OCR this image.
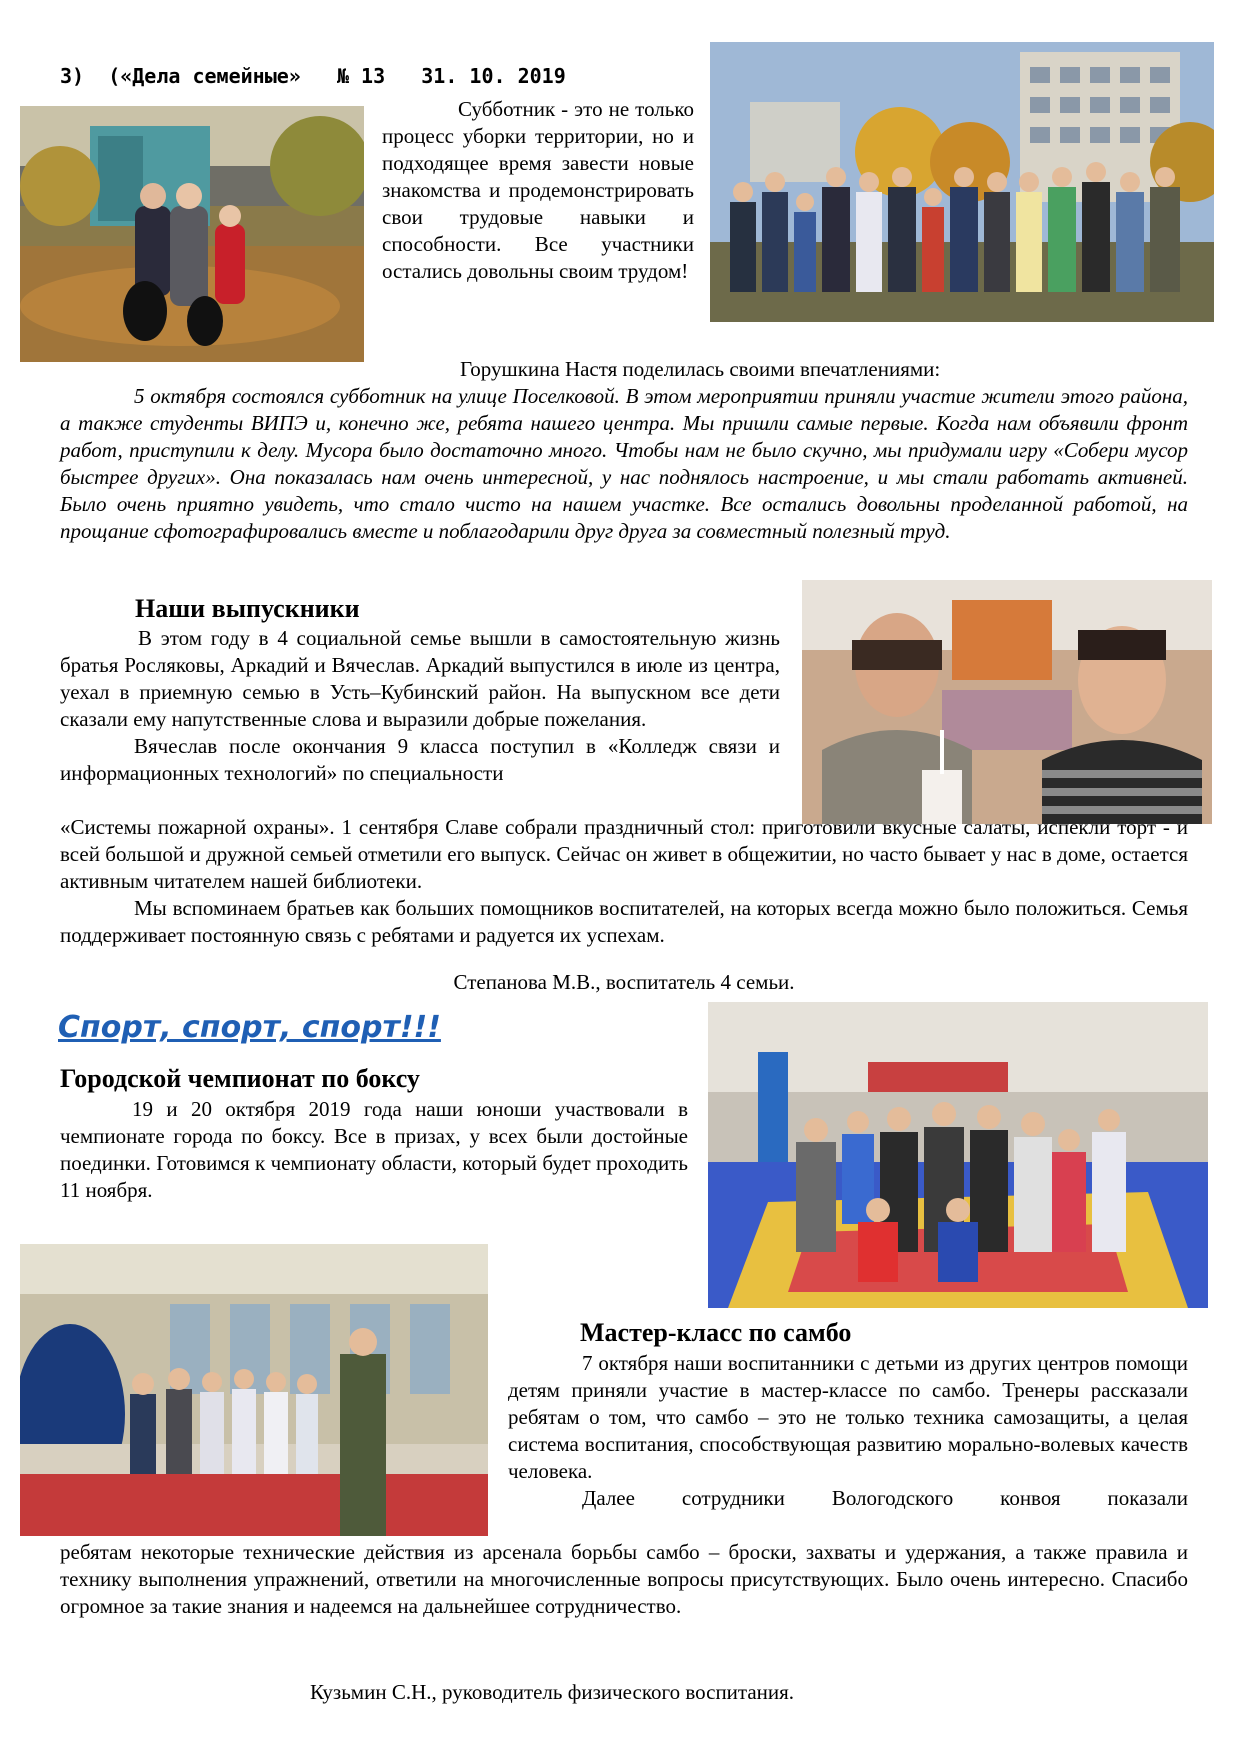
3) («Дела семейные» № 13 31. 10. 2019

Субботник - это не только процесс уборки территории, но и подходящее время завести новые знакомства и продемонстрировать свои трудовые навыки и способности. Все участники остались довольны своим трудом!

Горушкина Настя поделилась своими впечатлениями:

5 октября состоялся субботник на улице Поселковой. В этом мероприятии приняли участие жители этого района, а также студенты ВИПЭ и, конечно же, ребята нашего центра. Мы пришли самые первые. Когда нам объявили фронт работ, приступили к делу. Мусора было достаточно много. Чтобы нам не было скучно, мы придумали игру «Собери мусор быстрее других». Она показалась нам очень интересной, у нас поднялось настроение, и мы стали работать активней. Было очень приятно увидеть, что стало чисто на нашем участке. Все остались довольны проделанной работой, на прощание сфотографировались вместе и поблагодарили друг друга за совместный полезный труд.

Наши выпускники

В этом году в 4 социальной семье вышли в самостоятельную жизнь братья Росляковы, Аркадий и Вячеслав. Аркадий выпустился в июле из центра, уехал в приемную семью в Усть–Кубинский район. На выпускном все дети сказали ему напутственные слова и выразили добрые пожелания.

Вячеслав после окончания 9 класса поступил в «Колледж связи и информационных технологий» по специальности

«Системы пожарной охраны». 1 сентября Славе собрали праздничный стол: приготовили вкусные салаты, испекли торт - и всей большой и дружной семьей отметили его выпуск. Сейчас он живет в общежитии, но часто бывает у нас в доме, остается активным читателем нашей библиотеки.

Мы вспоминаем братьев как больших помощников воспитателей, на которых всегда можно было положиться. Семья поддерживает постоянную связь с ребятами и радуется их успехам.

Степанова М.В., воспитатель 4 семьи.
Спорт, спорт, спорт!!!
Городской чемпионат по боксу

19 и 20 октября 2019 года наши юноши участвовали в чемпионате города по боксу. Все в призах, у всех были достойные поединки. Готовимся к чемпионату области, который будет проходить 11 ноября.

Мастер-класс по самбо

7 октября наши воспитанники с детьми из других центров помощи детям приняли участие в мастер-классе по самбо. Тренеры рассказали ребятам о том, что самбо – это не только техника самозащиты, а целая система воспитания, способствующая развитию морально-волевых качеств человека.

Далее сотрудники Вологодского конвоя показали

ребятам некоторые технические действия из арсенала борьбы самбо – броски, захваты и удержания, а также правила и технику выполнения упражнений, ответили на многочисленные вопросы присутствующих. Было очень интересно. Спасибо огромное за такие знания и надеемся на дальнейшее сотрудничество.

Кузьмин С.Н., руководитель физического воспитания.
